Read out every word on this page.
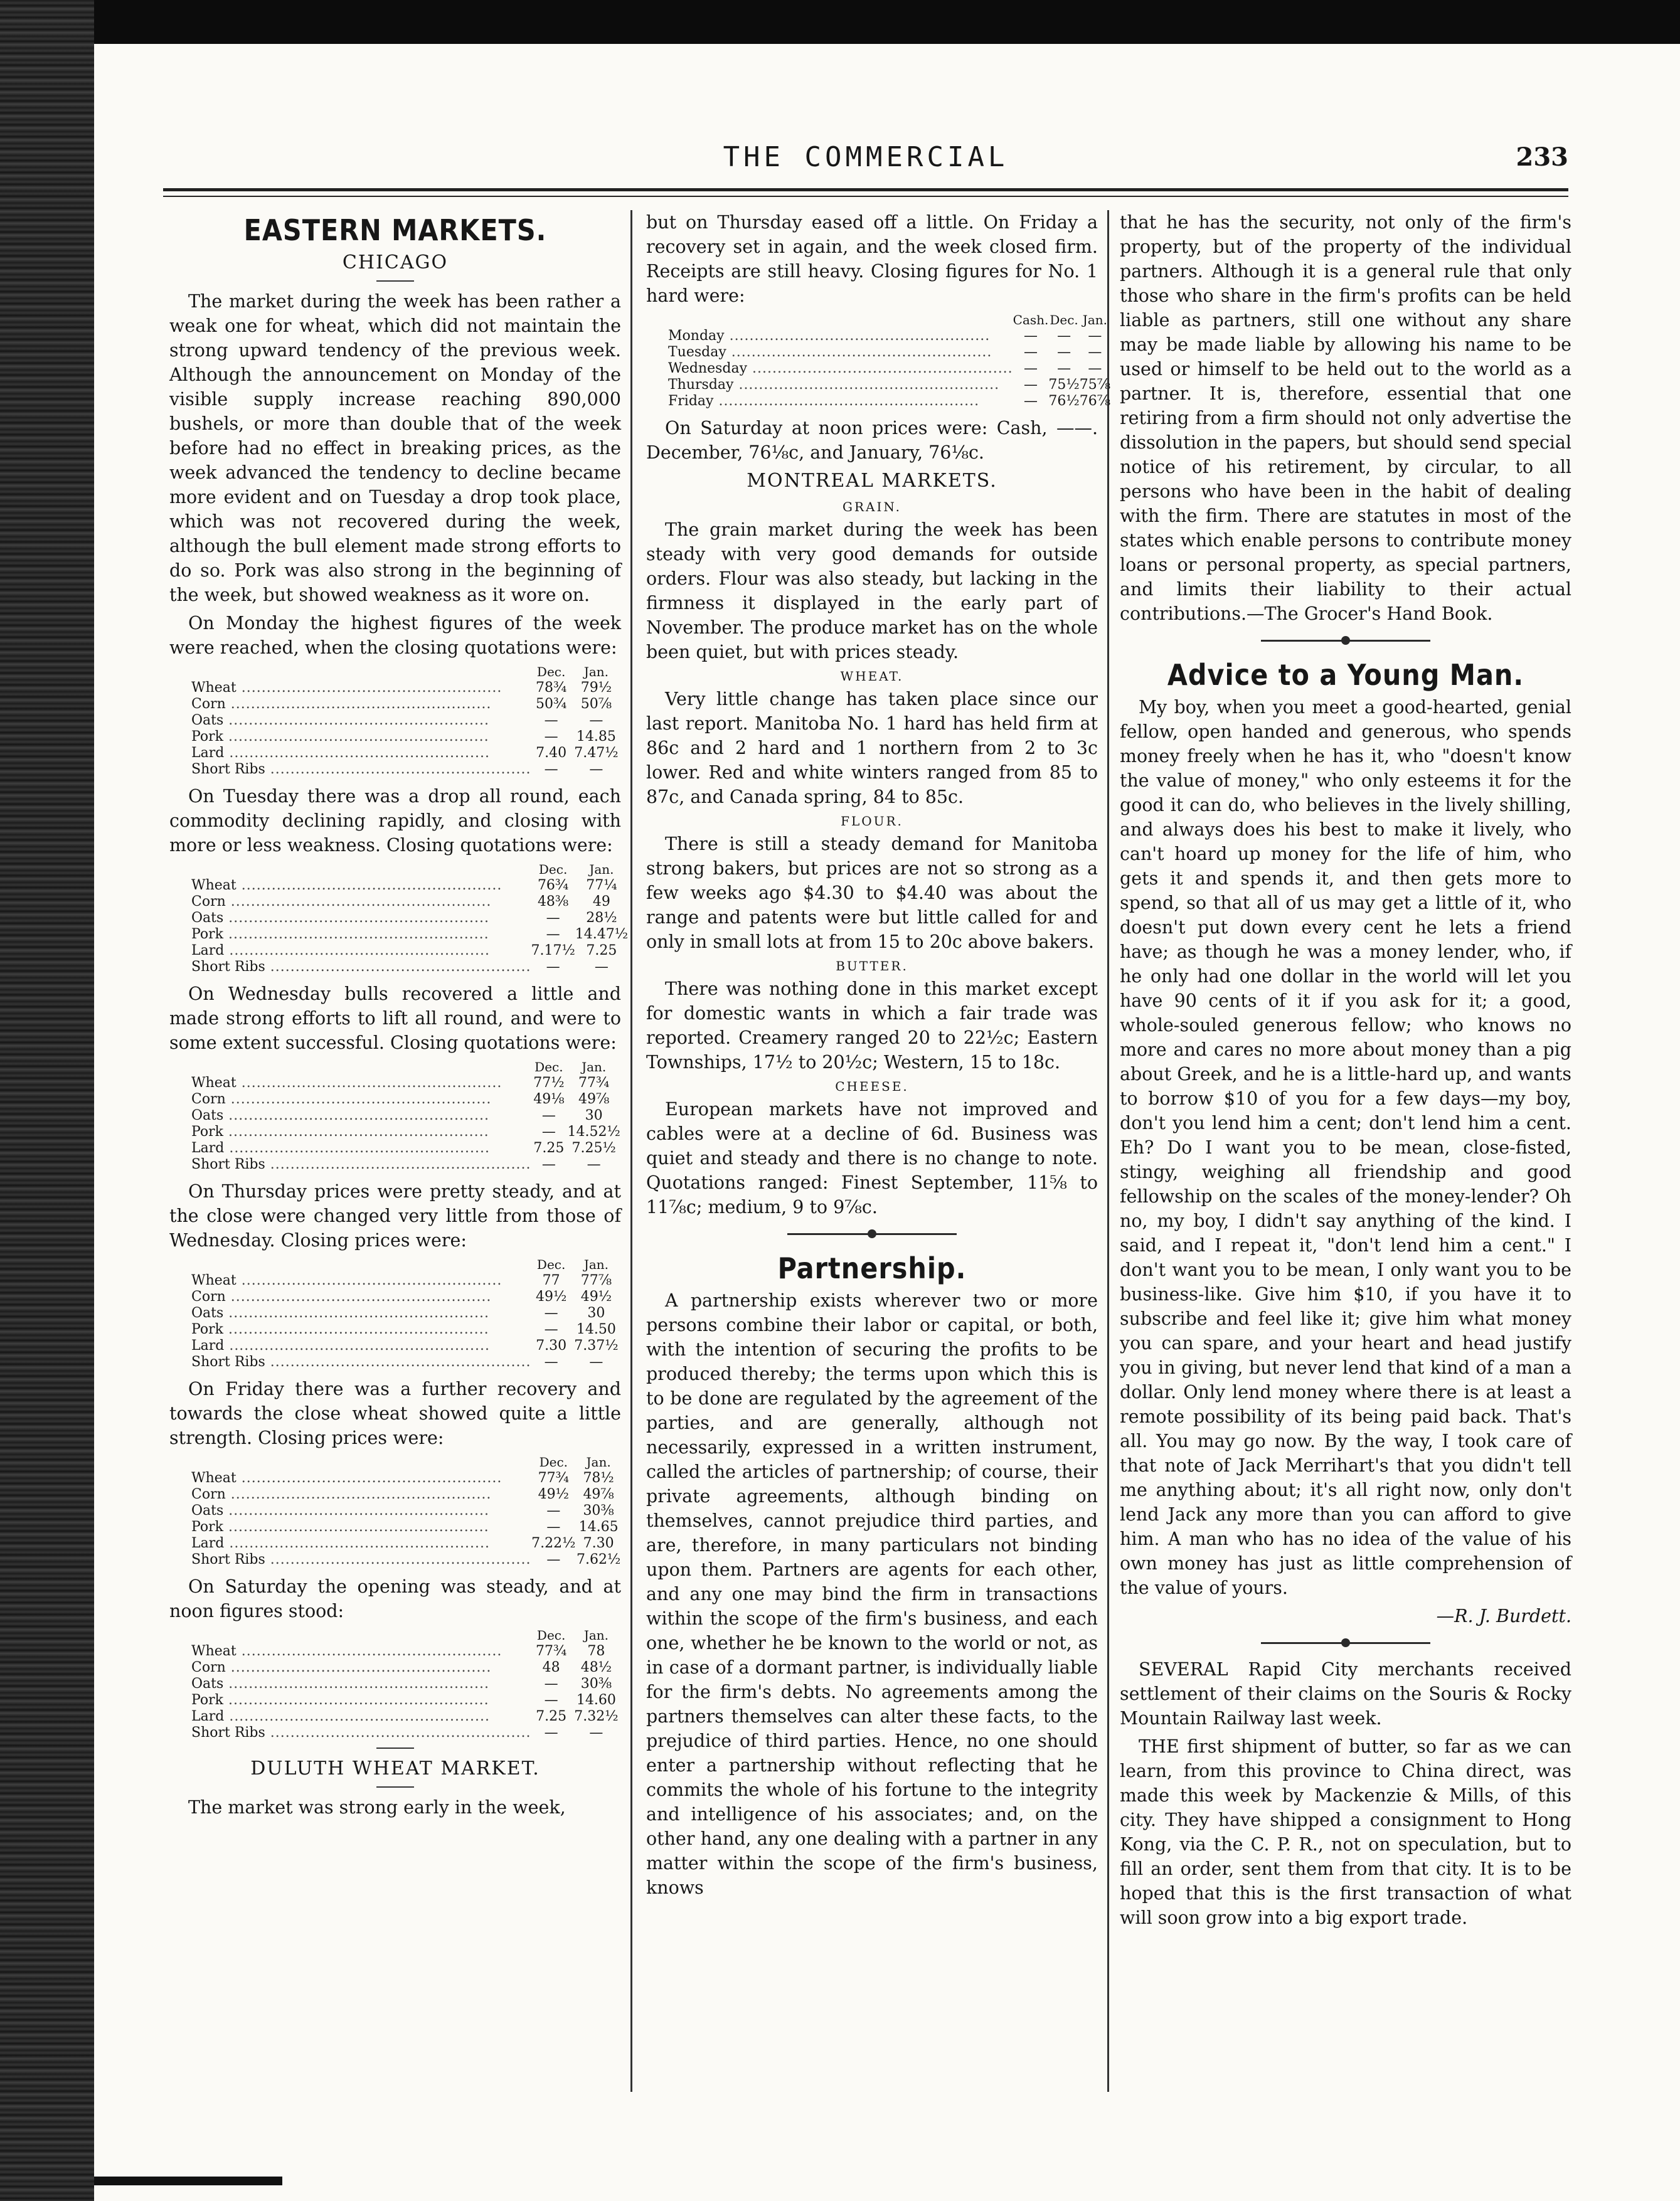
THE COMMERCIAL	233
EASTERN MARKETS.
CHICAGO

The market during the week has been rather a weak one for wheat, which did not maintain the strong upward tendency of the previous week. Although the announcement on Monday of the visible supply increase reaching 890,000 bushels, or more than double that of the week before had no effect in breaking prices, as the week advanced the tendency to decline became more evident and on Tuesday a drop took place, which was not recovered during the week, although the bull element made strong efforts to do so. Pork was also strong in the beginning of the week, but showed weakness as it wore on.

On Monday the highest figures of the week were reached, when the closing quotations were:

	Dec.	Jan.
Wheat .....	78¾	79½
Corn .....	50¾	50⅞
Oats .....	—	—
Pork .....	—	14.85
Lard .....	7.40	7.47½
Short Ribs .....	—	—

On Tuesday there was a drop all round, each commodity declining rapidly, and closing with more or less weakness. Closing quotations were:

	Dec.	Jan.
Wheat .....	76¾	77¼
Corn .....	48⅜	49
Oats .....	—	28½
Pork .....	—	14.47½
Lard .....	7.17½	7.25
Short Ribs .....	—	—

On Wednesday bulls recovered a little and made strong efforts to lift all round, and were to some extent successful. Closing quotations were:

	Dec.	Jan.
Wheat .....	77½	77¾
Corn .....	49⅛	49⅞
Oats .....	—	30
Pork .....	—	14.52½
Lard .....	7.25	7.25½
Short Ribs .....	—	—

On Thursday prices were pretty steady, and at the close were changed very little from those of Wednesday. Closing prices were:

	Dec.	Jan.
Wheat .....	77	77⅞
Corn .....	49½	49½
Oats .....	—	30
Pork .....	—	14.50
Lard .....	7.30	7.37½
Short Ribs .....	—	—

On Friday there was a further recovery and towards the close wheat showed quite a little strength. Closing prices were:

	Dec.	Jan.
Wheat .....	77¾	78½
Corn .....	49½	49⅞
Oats .....	—	30⅜
Pork .....	—	14.65
Lard .....	7.22½	7.30
Short Ribs .....	—	7.62½

On Saturday the opening was steady, and at noon figures stood:

	Dec.	Jan.
Wheat .....	77¾	78
Corn .....	48	48½
Oats .....	—	30⅜
Pork .....	—	14.60
Lard .....	7.25	7.32½
Short Ribs .....	—	—
DULUTH WHEAT MARKET.

The market was strong early in the week,

but on Thursday eased off a little. On Friday a recovery set in again, and the week closed firm. Receipts are still heavy. Closing figures for No. 1 hard were:

	Cash.	Dec.	Jan.
Monday .....	—	—	—
Tuesday .....	—	—	—
Wednesday .....	—	—	—
Thursday .....	—	75½	75⅞
Friday .....	—	76½	76⅞

On Saturday at noon prices were: Cash, ——. December, 76⅛c, and January, 76⅛c.

MONTREAL MARKETS.
GRAIN.

The grain market during the week has been steady with very good demands for outside orders. Flour was also steady, but lacking in the firmness it displayed in the early part of November. The produce market has on the whole been quiet, but with prices steady.

WHEAT.

Very little change has taken place since our last report. Manitoba No. 1 hard has held firm at 86c and 2 hard and 1 northern from 2 to 3c lower. Red and white winters ranged from 85 to 87c, and Canada spring, 84 to 85c.

FLOUR.

There is still a steady demand for Manitoba strong bakers, but prices are not so strong as a few weeks ago $4.30 to $4.40 was about the range and patents were but little called for and only in small lots at from 15 to 20c above bakers.

BUTTER.

There was nothing done in this market except for domestic wants in which a fair trade was reported. Creamery ranged 20 to 22½c; Eastern Townships, 17½ to 20½c; Western, 15 to 18c.

CHEESE.

European markets have not improved and cables were at a decline of 6d. Business was quiet and steady and there is no change to note. Quotations ranged: Finest September, 11⅝ to 11⅞c; medium, 9 to 9⅞c.

Partnership.

A partnership exists wherever two or more persons combine their labor or capital, or both, with the intention of securing the profits to be produced thereby; the terms upon which this is to be done are regulated by the agreement of the parties, and are generally, although not necessarily, expressed in a written instrument, called the articles of partnership; of course, their private agreements, although binding on themselves, cannot prejudice third parties, and are, therefore, in many particulars not binding upon them. Partners are agents for each other, and any one may bind the firm in transactions within the scope of the firm's business, and each one, whether he be known to the world or not, as in case of a dormant partner, is individually liable for the firm's debts. No agreements among the partners themselves can alter these facts, to the prejudice of third parties. Hence, no one should enter a partnership without reflecting that he commits the whole of his fortune to the integrity and intelligence of his associates; and, on the other hand, any one dealing with a partner in any matter within the scope of the firm's business, knows

that he has the security, not only of the firm's property, but of the property of the individual partners. Although it is a general rule that only those who share in the firm's profits can be held liable as partners, still one without any share may be made liable by allowing his name to be used or himself to be held out to the world as a partner. It is, therefore, essential that one retiring from a firm should not only advertise the dissolution in the papers, but should send special notice of his retirement, by circular, to all persons who have been in the habit of dealing with the firm. There are statutes in most of the states which enable persons to contribute money loans or personal property, as special partners, and limits their liability to their actual contributions.—The Grocer's Hand Book.

Advice to a Young Man.

My boy, when you meet a good-hearted, genial fellow, open handed and generous, who spends money freely when he has it, who "doesn't know the value of money," who only esteems it for the good it can do, who believes in the lively shilling, and always does his best to make it lively, who can't hoard up money for the life of him, who gets it and spends it, and then gets more to spend, so that all of us may get a little of it, who doesn't put down every cent he lets a friend have; as though he was a money lender, who, if he only had one dollar in the world will let you have 90 cents of it if you ask for it; a good, whole-souled generous fellow; who knows no more and cares no more about money than a pig about Greek, and he is a little-hard up, and wants to borrow $10 of you for a few days—my boy, don't you lend him a cent; don't lend him a cent. Eh? Do I want you to be mean, close-fisted, stingy, weighing all friendship and good fellowship on the scales of the money-lender? Oh no, my boy, I didn't say anything of the kind. I said, and I repeat it, "don't lend him a cent." I don't want you to be mean, I only want you to be business-like. Give him $10, if you have it to subscribe and feel like it; give him what money you can spare, and your heart and head justify you in giving, but never lend that kind of a man a dollar. Only lend money where there is at least a remote possibility of its being paid back. That's all. You may go now. By the way, I took care of that note of Jack Merrihart's that you didn't tell me anything about; it's all right now, only don't lend Jack any more than you can afford to give him. A man who has no idea of the value of his own money has just as little comprehension of the value of yours.

—R. J. Burdett.

SEVERAL Rapid City merchants received settlement of their claims on the Souris & Rocky Mountain Railway last week.

THE first shipment of butter, so far as we can learn, from this province to China direct, was made this week by Mackenzie & Mills, of this city. They have shipped a consignment to Hong Kong, via the C. P. R., not on speculation, but to fill an order, sent them from that city. It is to be hoped that this is the first transaction of what will soon grow into a big export trade.
